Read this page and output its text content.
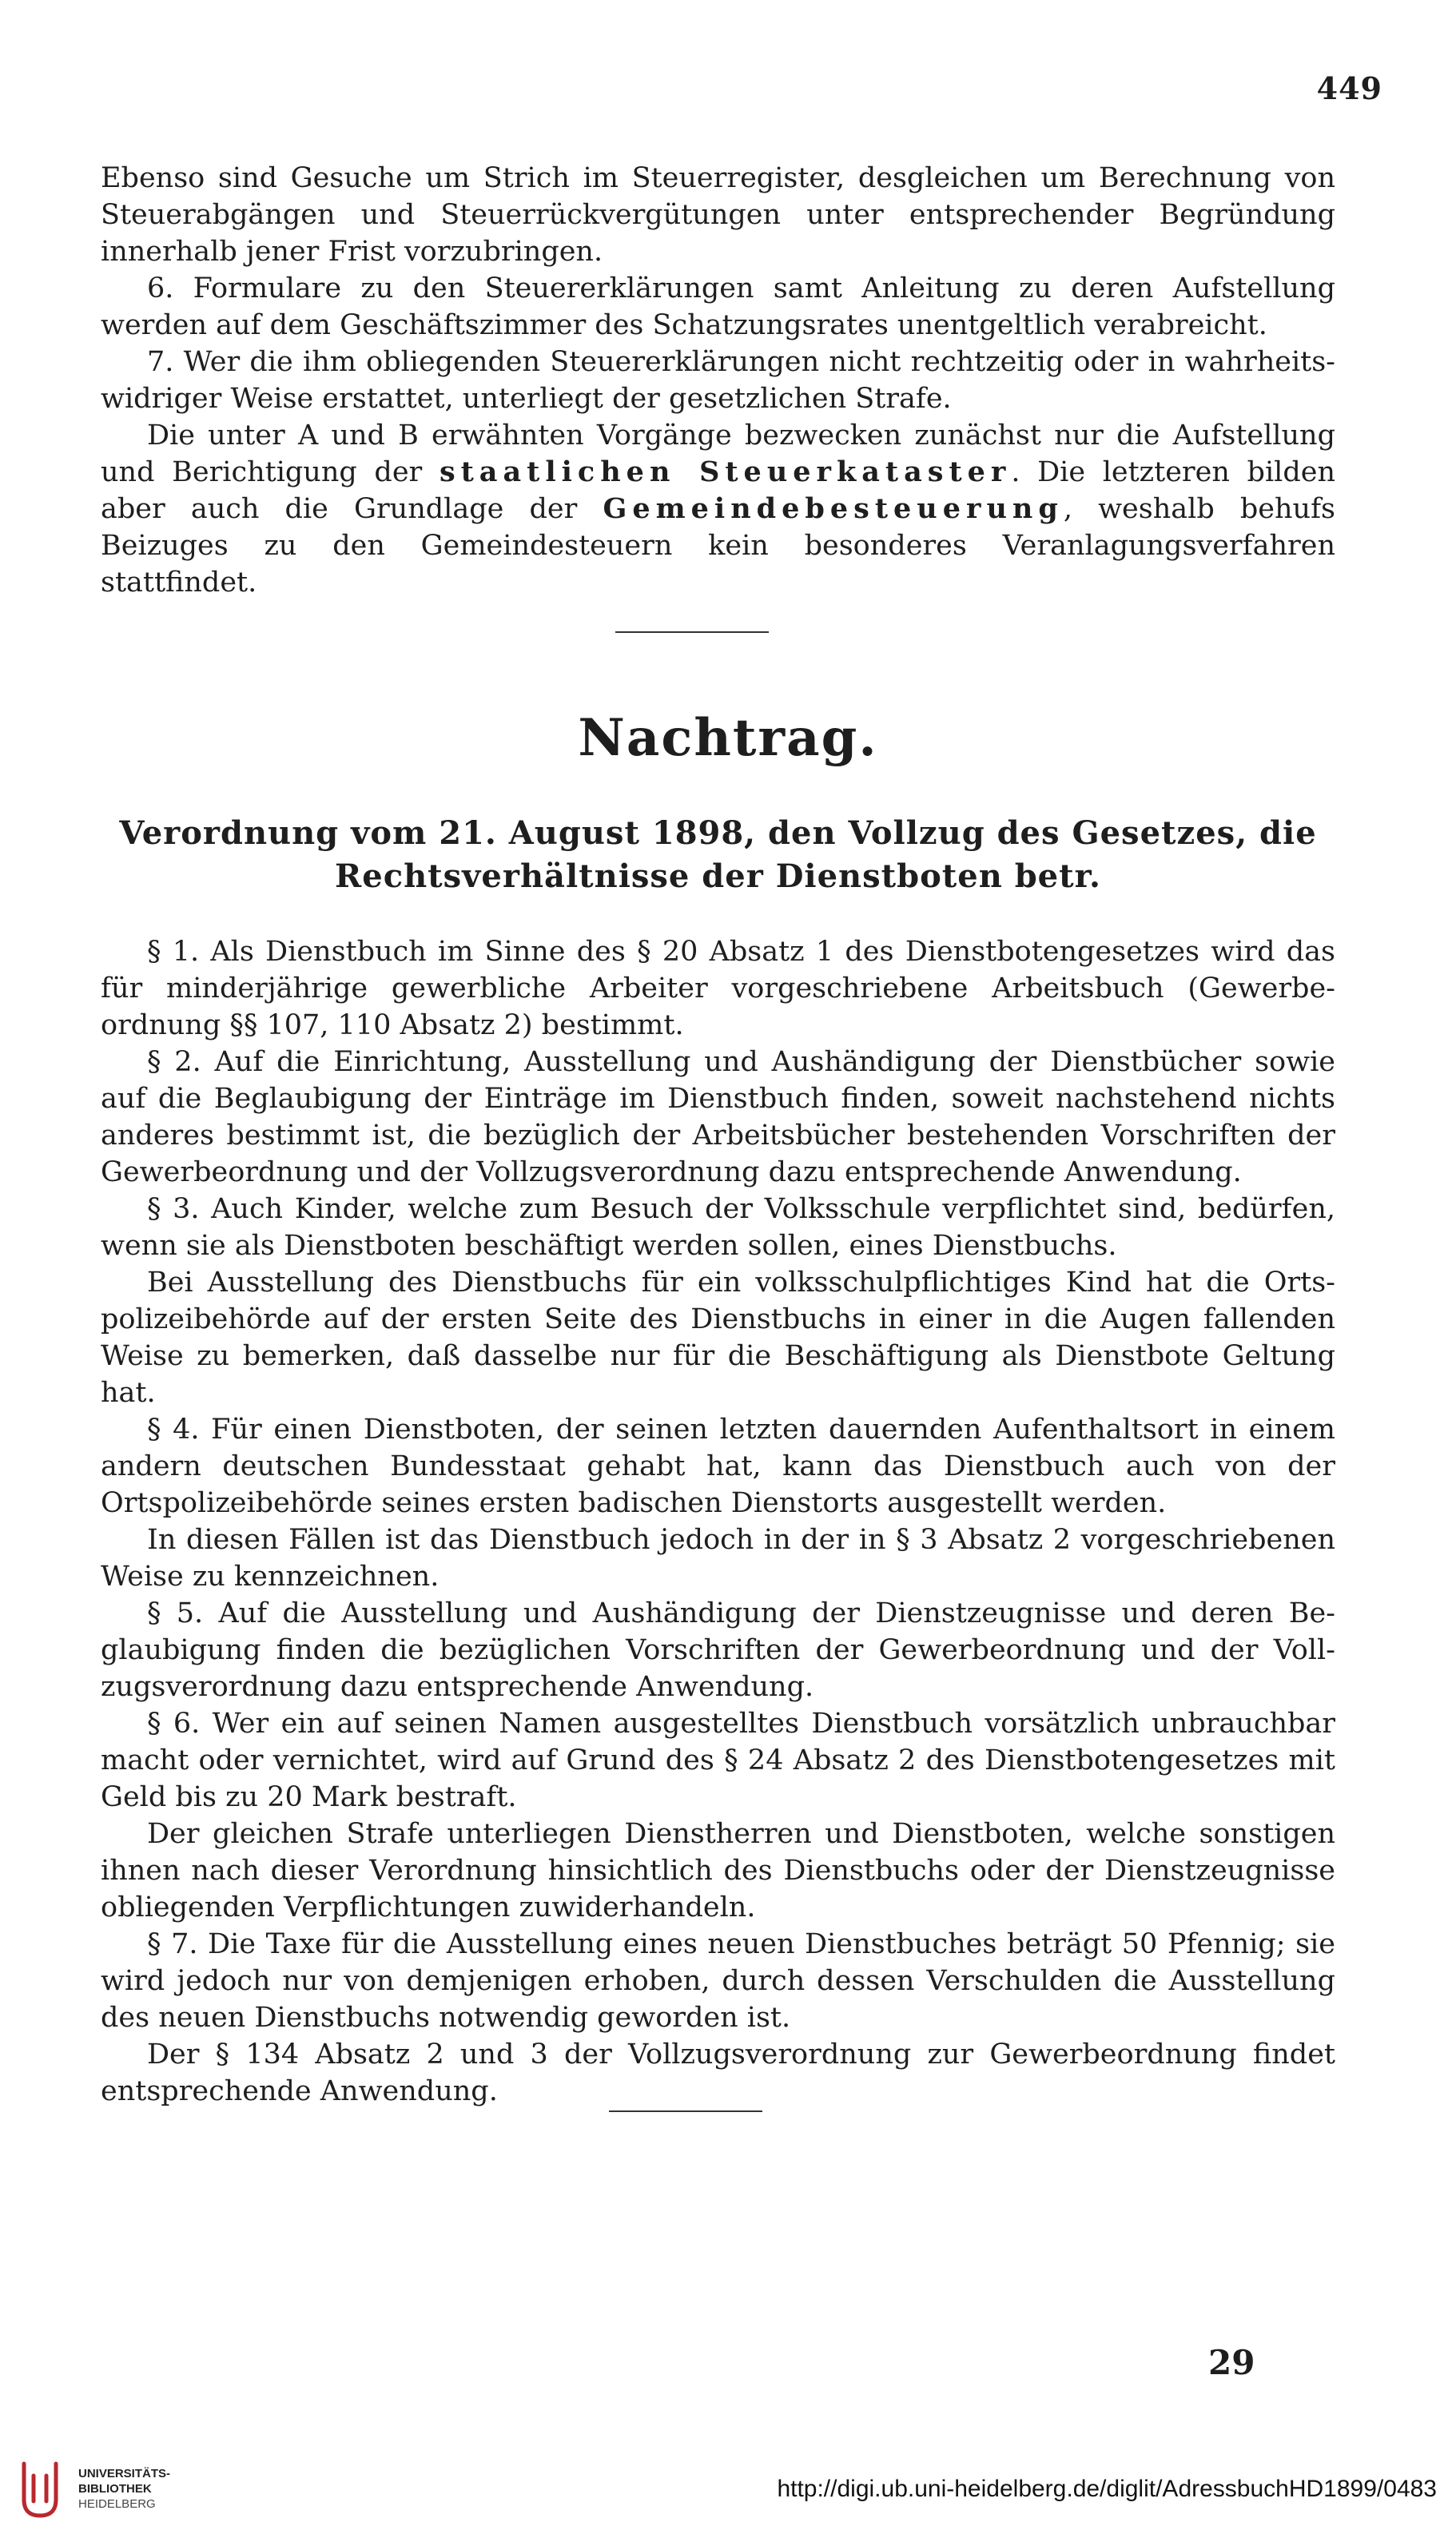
449

Ebenso sind Gesuche um Strich im Steuerregister, desgleichen um Berechnung von Steuerabgängen und Steuerrückvergütungen unter entsprechender Begründung innerhalb jener Frist vorzubringen.

6. Formulare zu den Steuererklärungen samt Anleitung zu deren Aufstellung werden auf dem Geschäftszimmer des Schatzungsrates unentgeltlich verabreicht.

7. Wer die ihm obliegenden Steuererklärungen nicht rechtzeitig oder in wahrheitswidriger Weise erstattet, unterliegt der gesetzlichen Strafe.

Die unter A und B erwähnten Vorgänge bezwecken zunächst nur die Aufstellung und Berichtigung der staatlichen Steuerkataster. Die letzteren bilden aber auch die Grundlage der Gemeindebesteuerung, weshalb behufs Beizuges zu den Gemeindesteuern kein besonderes Veranlagungsverfahren stattfindet.

Nachtrag.
Verordnung vom 21. August 1898, den Vollzug des Gesetzes, die Rechtsverhältnisse der Dienstboten betr.

§ 1. Als Dienstbuch im Sinne des § 20 Absatz 1 des Dienstbotengesetzes wird das für minderjährige gewerbliche Arbeiter vorgeschriebene Arbeitsbuch (Gewerbeordnung §§ 107, 110 Absatz 2) bestimmt.

§ 2. Auf die Einrichtung, Ausstellung und Aushändigung der Dienstbücher sowie auf die Beglaubigung der Einträge im Dienstbuch finden, soweit nachstehend nichts anderes bestimmt ist, die bezüglich der Arbeitsbücher bestehenden Vorschriften der Gewerbeordnung und der Vollzugsverordnung dazu entsprechende Anwendung.

§ 3. Auch Kinder, welche zum Besuch der Volksschule verpflichtet sind, bedürfen, wenn sie als Dienstboten beschäftigt werden sollen, eines Dienstbuchs.

Bei Ausstellung des Dienstbuchs für ein volksschulpflichtiges Kind hat die Ortspolizeibehörde auf der ersten Seite des Dienstbuchs in einer in die Augen fallenden Weise zu bemerken, daß dasselbe nur für die Beschäftigung als Dienstbote Geltung hat.

§ 4. Für einen Dienstboten, der seinen letzten dauernden Aufenthaltsort in einem andern deutschen Bundesstaat gehabt hat, kann das Dienstbuch auch von der Ortspolizeibehörde seines ersten badischen Dienstorts ausgestellt werden.

In diesen Fällen ist das Dienstbuch jedoch in der in § 3 Absatz 2 vorgeschriebenen Weise zu kennzeichnen.

§ 5. Auf die Ausstellung und Aushändigung der Dienstzeugnisse und deren Beglaubigung finden die bezüglichen Vorschriften der Gewerbeordnung und der Vollzugsverordnung dazu entsprechende Anwendung.

§ 6. Wer ein auf seinen Namen ausgestelltes Dienstbuch vorsätzlich unbrauchbar macht oder vernichtet, wird auf Grund des § 24 Absatz 2 des Dienstbotengesetzes mit Geld bis zu 20 Mark bestraft.

Der gleichen Strafe unterliegen Dienstherren und Dienstboten, welche sonstigen ihnen nach dieser Verordnung hinsichtlich des Dienstbuchs oder der Dienstzeugnisse obliegenden Verpflichtungen zuwiderhandeln.

§ 7. Die Taxe für die Ausstellung eines neuen Dienstbuches beträgt 50 Pfennig; sie wird jedoch nur von demjenigen erhoben, durch dessen Verschulden die Ausstellung des neuen Dienstbuchs notwendig geworden ist.

Der § 134 Absatz 2 und 3 der Vollzugsverordnung zur Gewerbeordnung findet entsprechende Anwendung.

29
UNIVERSITÄTS-
BIBLIOTHEK
HEIDELBERG
http://digi.ub.uni-heidelberg.de/diglit/AdressbuchHD1899/0483
